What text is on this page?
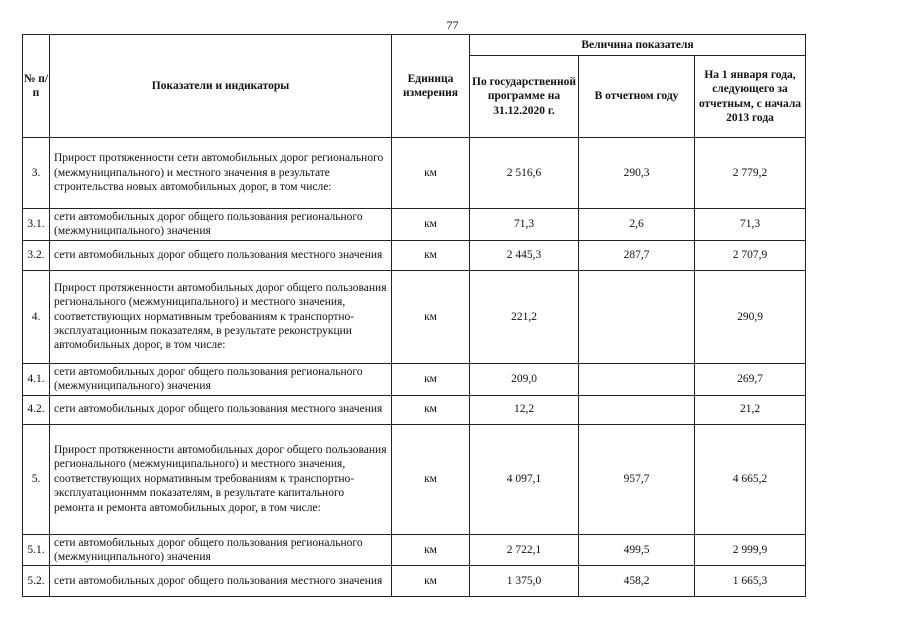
77
№ п/п	Показатели и индикаторы	Единица измерения	Величина показателя		
			По государственной программе на 31.12.2020 г.	В отчетном году	На 1 января года, следующего за отчетным, с начала 2013 года
3.	Прирост протяженности сети автомобильных дорог регионального (межмуниципального) и местного значения в результате строительства новых автомобильных дорог, в том числе:	км	2 516,6	290,3	2 779,2
3.1.	сети автомобильных дорог общего пользования регионального (межмуниципального) значения	км	71,3	2,6	71,3
3.2.	сети автомобильных дорог общего пользования местного значения	км	2 445,3	287,7	2 707,9
4.	Прирост протяженности автомобильных дорог общего пользования регионального (межмуниципального) и местного значения, соответствующих нормативным требованиям к транспортно-эксплуатационным показателям, в результате реконструкции автомобильных дорог, в том числе:	км	221,2		290,9
4.1.	сети автомобильных дорог общего пользования регионального (межмуниципального) значения	км	209,0		269,7
4.2.	сети автомобильных дорог общего пользования местного значения	км	12,2		21,2
5.	Прирост протяженности автомобильных дорог общего пользования регионального (межмуниципального) и местного значения, соответствующих нормативным требованиям к транспортно-эксплуатационнмм показателям, в результате капитального ремонта и ремонта автомобильных дорог, в том числе:	км	4 097,1	957,7	4 665,2
5.1.	сети автомобильных дорог общего пользования регионального (межмуниципального) значения	км	2 722,1	499,5	2 999,9
5.2.	сети автомобильных дорог общего пользования местного значения	км	1 375,0	458,2	1 665,3
